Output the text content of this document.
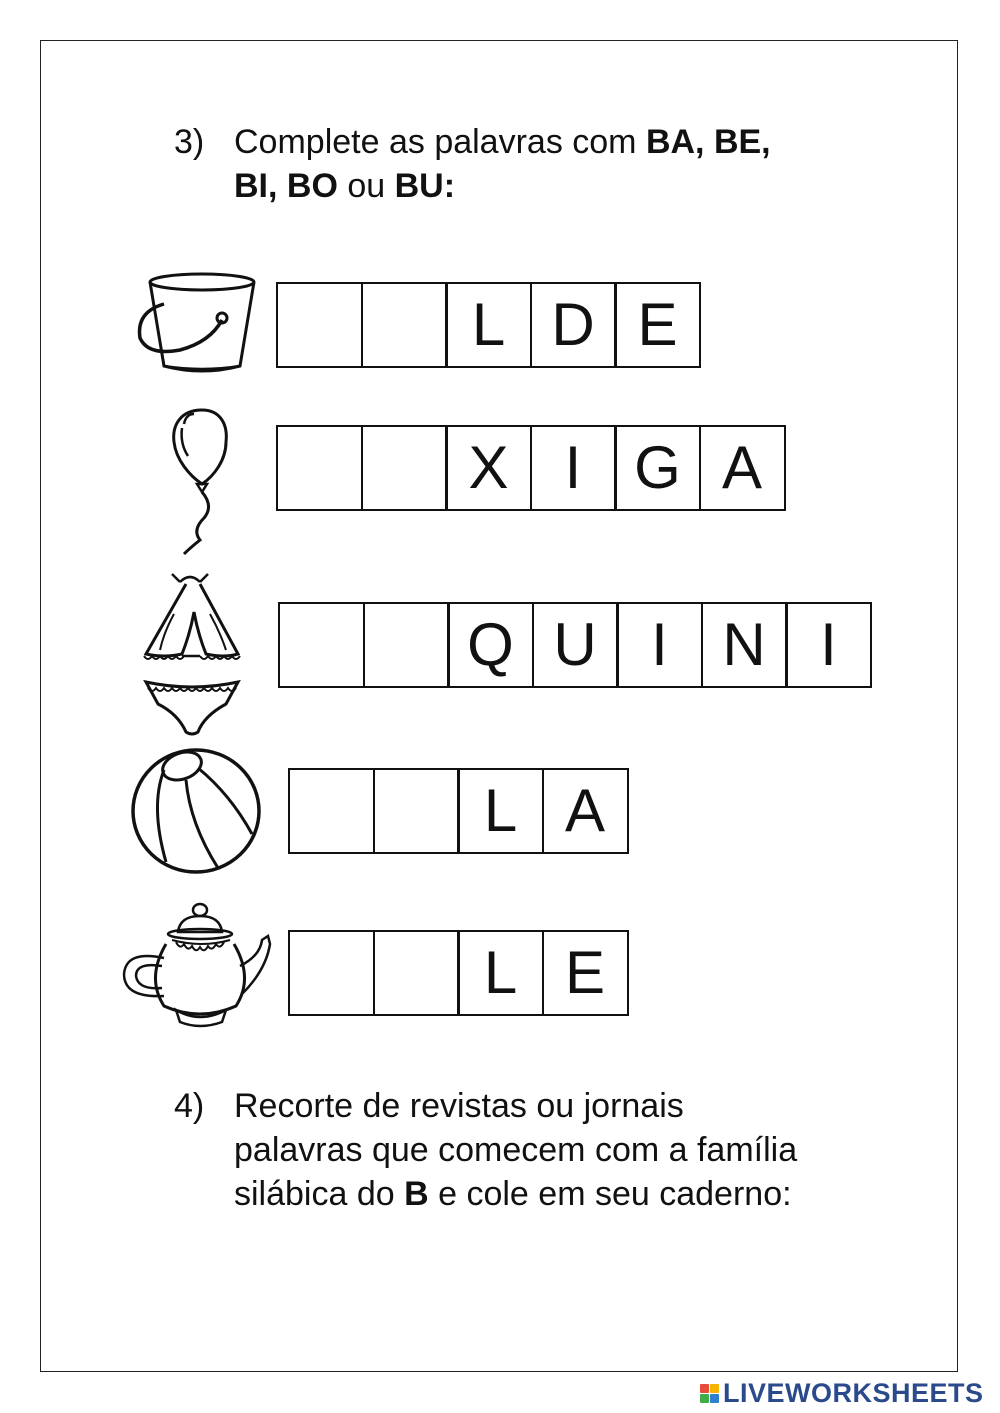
3) Complete as palavras com BA, BE,
BI, BO ou BU:
L D E
X I G A
Q U I N I
L A
L E
4) Recorte de revistas ou jornais
palavras que comecem com a família
silábica do B e cole em seu caderno:
LIVEWORKSHEETS
